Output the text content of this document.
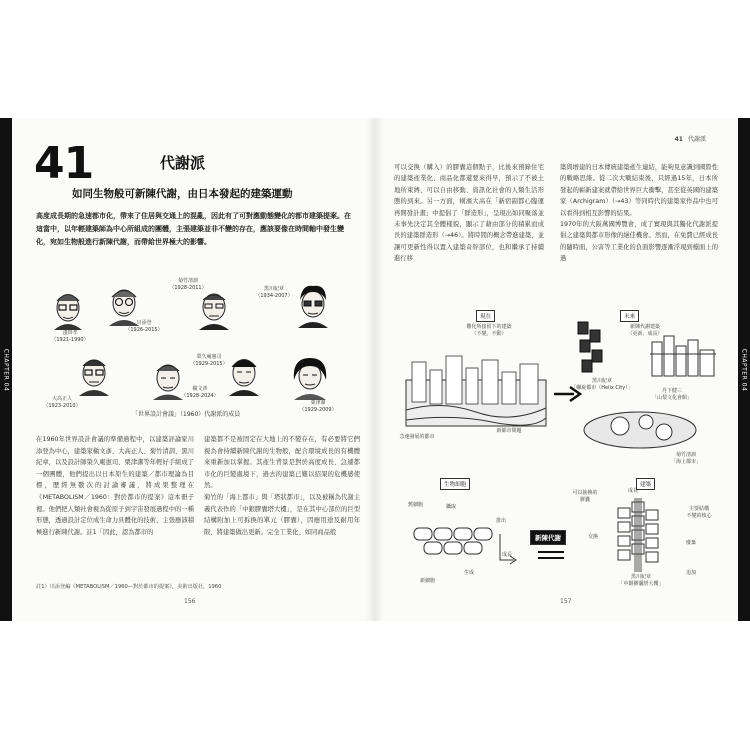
CHAPTER 04
41	代謝派
如同生物般可新陳代謝，由日本發起的建築運動
高度成長期的急速都市化，帶來了住居與交通上的混亂，因此有了可對應動態變化的都市建築提案。在這當中，以年輕建築師為中心所組成的團體，主張建築並非不變的存在，應該要像在時間軸中發生變化，宛如生物般進行新陳代謝，而帶給世界極大的影響。
淺田孝
（1921-1990）
川添登
（1926-2015）
菊竹清訓
（1928-2011）	黑川紀章
（1934-2007）
大高正人
（1923-2010）
槇文彥
（1928-2024）
榮久庵憲司
（1929-2015）
粟津潔
（1929-2009）
「世界設計會議」（1960）代謝派的成員
在1960年世界設計會議的準備過程中，以建築評論家川添登為中心，建築家槇文彥、大高正人、菊竹清訓、黑川紀章，以及設計師榮久庵憲司、栗津潔等年輕好手組成了一個團體，他們提出以日本原生的建築／都市理論為目標，歷經無數次的討論審議，將成果整理在《METABOLISM／1960：對於都市的提案》這本冊子裡。他們把人類社會視為從原子到宇宙發展過程中的一種形態，透過設計定位成生命力具體化的技術，主張應該積極進行新陳代謝。註1「因此，認為都市的
建築都不是被固定在大地上的不變存在，有必要將它們視為會持續新陳代謝的生物般，配合環境成長的有機體來重新加以掌握。其產生背景是對於高度成長、急遽都市化的巨變處境下，過去的建築已難以招架的危機感使然。
菊竹的「海上都市」與「塔狀都市」，以及被稱為代謝主義代表作的「中銀膠囊塔大樓」，是在其中心部位的巨型結構附加上可拆換的單元（膠囊），因應用途及耐用年限，將建築做出更新。完全工業化、如同商品般
註1）川添登編《METABOLISM／1960—對於都市的提案》，美術出版社，1960
156
41 代謝派
可以交換（購入）的膠囊這個點子，比後來預錄住宅的建築產業化、商品化都還要來得早，預示了不被土地所束縛，可以自由移動、資訊化社會的人類生活形態的到來。另一方面，橫濱大高在「新宿副都心臨運再開發計畫」中提倡了「群造形」，呈現出如同聚落並未事先決定其全體樣貌，顯示了藉由部分的積累而成長的建築群造形（→46）。將時間的概念帶進建築，並讓可更新性得以置入建築奇幹部位，也和繼承了持續進行移
築與增建的日本傳統建築產生連結，能夠見意識到國際性的戰略思維。從二次大戰結束後，只經過15年，日本所發起的嶄新建案就帶給世界巨大衝擊，甚至從英國的建築家（Archigram）（→43）等同時代的建築家作品中也可以看得到相互影響的結果。
1970年的大阪萬國博覽會，成了實現與其獨化代謝派提倡之建築與都市形像的絕佳機會。然而，在免費已經成長的隨時面，公害等工業化的負面影響逐漸浮現到檯面上的過
現在
難化所接留下的建築
（不變、不動）
急速發展的都市
新都市問題
未來
新陳代謝建築
（更新、成長）
黑川紀章
「螺旋都市（Helix City）」	丹下健三
「山梨文化會館」
菊竹清訓
「海上都市」
生物細胞	建築
舊細胞	攝取
排出
成長
生成
新細胞
新陳代謝
可以抽換的
膠囊
成長
交換
主要結構
不變的核心
廢棄
追加
黑川紀章
「中銀膠囊塔大樓」
157
CHAPTER 04
